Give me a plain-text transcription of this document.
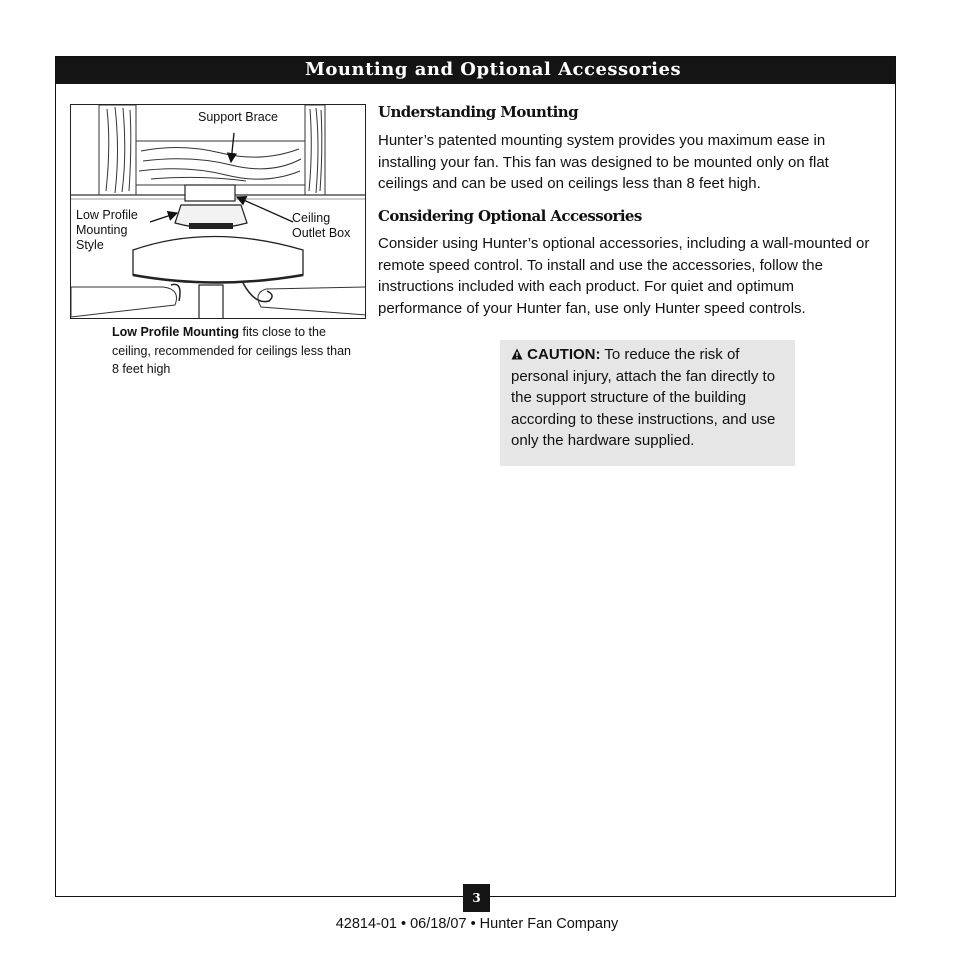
Mounting and Optional Accessories
Support Brace
Low Profile
Mounting
Style
Ceiling
Outlet Box
Low Profile Mounting fits close to the ceiling, recommended for ceilings less than 8 feet high
Understanding Mounting
Hunter’s patented mounting system provides you maximum ease in installing your fan. This fan was designed to be mounted only on flat ceilings and can be used on ceilings less than 8 feet high.
Considering Optional Accessories
Consider using Hunter’s optional accessories, including a wall-mounted or remote speed control. To install and use the accessories, follow the instructions included with each product. For quiet and optimum performance of your Hunter fan, use only Hunter speed controls.
CAUTION: To reduce the risk of personal injury, attach the fan directly to the support structure of the building according to these instructions, and use only the hardware supplied.
3
42814-01 • 06/18/07 • Hunter Fan Company
